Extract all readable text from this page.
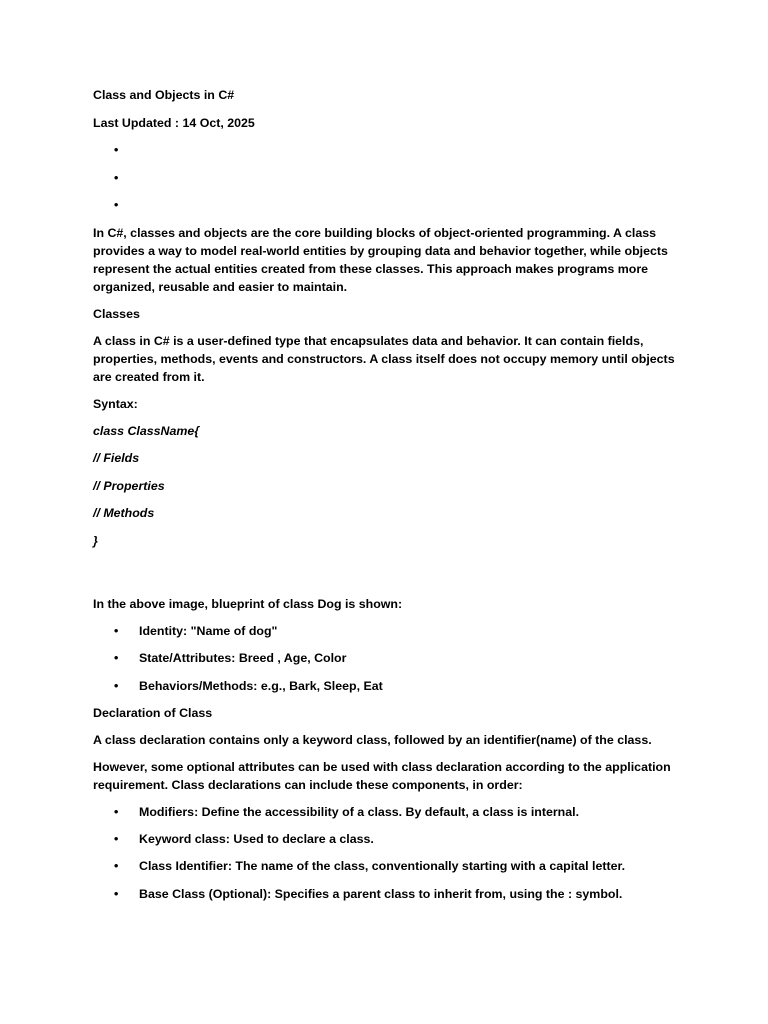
Class and Objects in C#

Last Updated : 14 Oct, 2025

•
•
•

In C#, classes and objects are the core building blocks of object-oriented programming. A class provides a way to model real-world entities by grouping data and behavior together, while objects represent the actual entities created from these classes. This approach makes programs more organized, reusable and easier to maintain.

Classes

A class in C# is a user-defined type that encapsulates data and behavior. It can contain fields, properties, methods, events and constructors. A class itself does not occupy memory until objects are created from it.

Syntax:

class ClassName{

// Fields

// Properties

// Methods

}

In the above image, blueprint of class Dog is shown:

• Identity: "Name of dog"
• State/Attributes: Breed , Age, Color
• Behaviors/Methods: e.g., Bark, Sleep, Eat

Declaration of Class

A class declaration contains only a keyword class, followed by an identifier(name) of the class.

However, some optional attributes can be used with class declaration according to the application requirement. Class declarations can include these components, in order:

• Modifiers: Define the accessibility of a class. By default, a class is internal.
• Keyword class: Used to declare a class.
• Class Identifier: The name of the class, conventionally starting with a capital letter.
• Base Class (Optional): Specifies a parent class to inherit from, using the : symbol.
